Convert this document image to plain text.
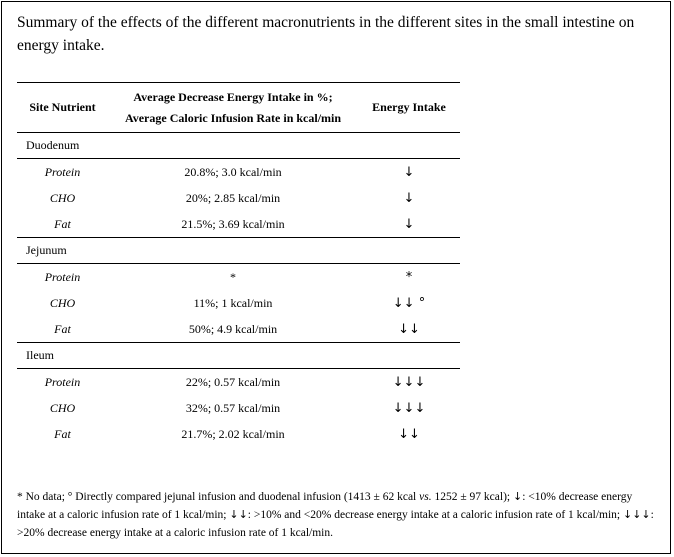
Summary of the effects of the different macronutrients in the different sites in the small intestine on energy intake.

Site Nutrient	Average Decrease Energy Intake in %;
Average Caloric Infusion Rate in kcal/min	Energy Intake
Duodenum		
Protein	20.8%; 3.0 kcal/min	↓
CHO	20%; 2.85 kcal/min	↓
Fat	21.5%; 3.69 kcal/min	↓
Jejunum		
Protein	*	*
CHO	11%; 1 kcal/min	↓↓ °
Fat	50%; 4.9 kcal/min	↓↓
Ileum		
Protein	22%; 0.57 kcal/min	↓↓↓
CHO	32%; 0.57 kcal/min	↓↓↓
Fat	21.7%; 2.02 kcal/min	↓↓

* No data; ° Directly compared jejunal infusion and duodenal infusion (1413 ± 62 kcal vs. 1252 ± 97 kcal); ↓: <10% decrease energy intake at a caloric infusion rate of 1 kcal/min; ↓↓: >10% and <20% decrease energy intake at a caloric infusion rate of 1 kcal/min; ↓↓↓: >20% decrease energy intake at a caloric infusion rate of 1 kcal/min.
